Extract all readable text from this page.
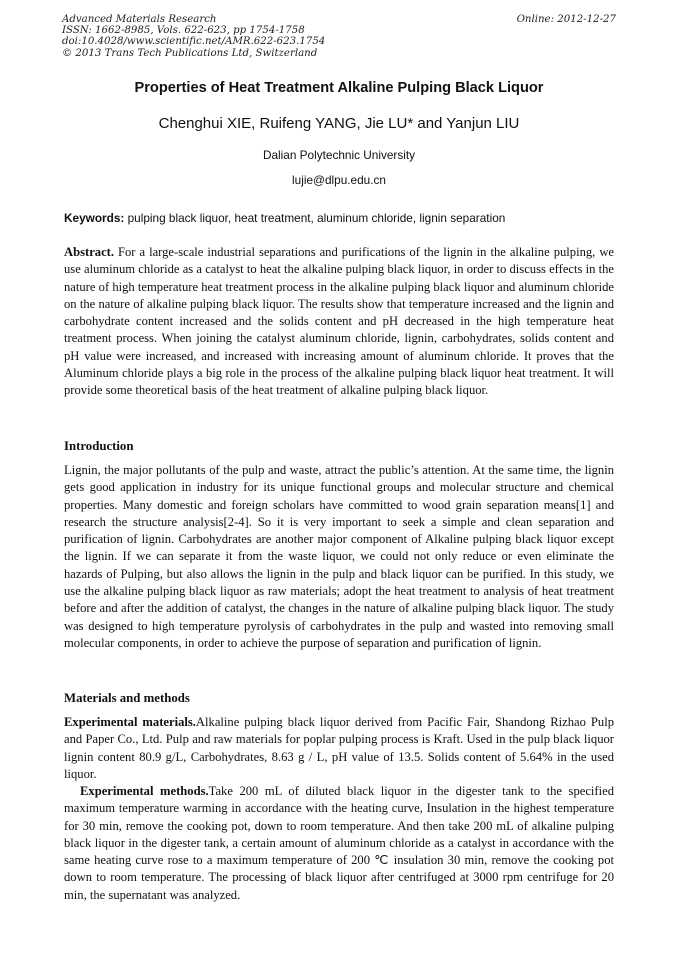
Advanced Materials Research
ISSN: 1662-8985, Vols. 622-623, pp 1754-1758
doi:10.4028/www.scientific.net/AMR.622-623.1754
© 2013 Trans Tech Publications Ltd, Switzerland
Online: 2012-12-27
Properties of Heat Treatment Alkaline Pulping Black Liquor
Chenghui XIE, Ruifeng YANG, Jie LU* and Yanjun LIU
Dalian Polytechnic University
lujie@dlpu.edu.cn
Keywords: pulping black liquor, heat treatment, aluminum chloride, lignin separation

Abstract. For a large-scale industrial separations and purifications of the lignin in the alkaline pulping, we use aluminum chloride as a catalyst to heat the alkaline pulping black liquor, in order to discuss effects in the nature of high temperature heat treatment process in the alkaline pulping black liquor and aluminum chloride on the nature of alkaline pulping black liquor. The results show that temperature increased and the lignin and carbohydrate content increased and the solids content and pH decreased in the high temperature heat treatment process. When joining the catalyst aluminum chloride, lignin, carbohydrates, solids content and pH value were increased, and increased with increasing amount of aluminum chloride. It proves that the Aluminum chloride plays a big role in the process of the alkaline pulping black liquor heat treatment. It will provide some theoretical basis of the heat treatment of alkaline pulping black liquor.

Introduction

Lignin, the major pollutants of the pulp and waste, attract the public’s attention. At the same time, the lignin gets good application in industry for its unique functional groups and molecular structure and chemical properties. Many domestic and foreign scholars have committed to wood grain separation means[1] and research the structure analysis[2-4]. So it is very important to seek a simple and clean separation and purification of lignin. Carbohydrates are another major component of Alkaline pulping black liquor except the lignin. If we can separate it from the waste liquor, we could not only reduce or even eliminate the hazards of Pulping, but also allows the lignin in the pulp and black liquor can be purified. In this study, we use the alkaline pulping black liquor as raw materials; adopt the heat treatment to analysis of heat treatment before and after the addition of catalyst, the changes in the nature of alkaline pulping black liquor. The study was designed to high temperature pyrolysis of carbohydrates in the pulp and wasted into removing small molecular components, in order to achieve the purpose of separation and purification of lignin.

Materials and methods

Experimental materials.Alkaline pulping black liquor derived from Pacific Fair, Shandong Rizhao Pulp and Paper Co., Ltd. Pulp and raw materials for poplar pulping process is Kraft. Used in the pulp black liquor lignin content 80.9 g/L, Carbohydrates, 8.63 g / L, pH value of 13.5. Solids content of 5.64% in the used liquor.

Experimental methods.Take 200 mL of diluted black liquor in the digester tank to the specified maximum temperature warming in accordance with the heating curve, Insulation in the highest temperature for 30 min, remove the cooking pot, down to room temperature. And then take 200 mL of alkaline pulping black liquor in the digester tank, a certain amount of aluminum chloride as a catalyst in accordance with the same heating curve rose to a maximum temperature of 200 ℃ insulation 30 min, remove the cooking pot down to room temperature. The processing of black liquor after centrifuged at 3000 rpm centrifuge for 20 min, the supernatant was analyzed.
